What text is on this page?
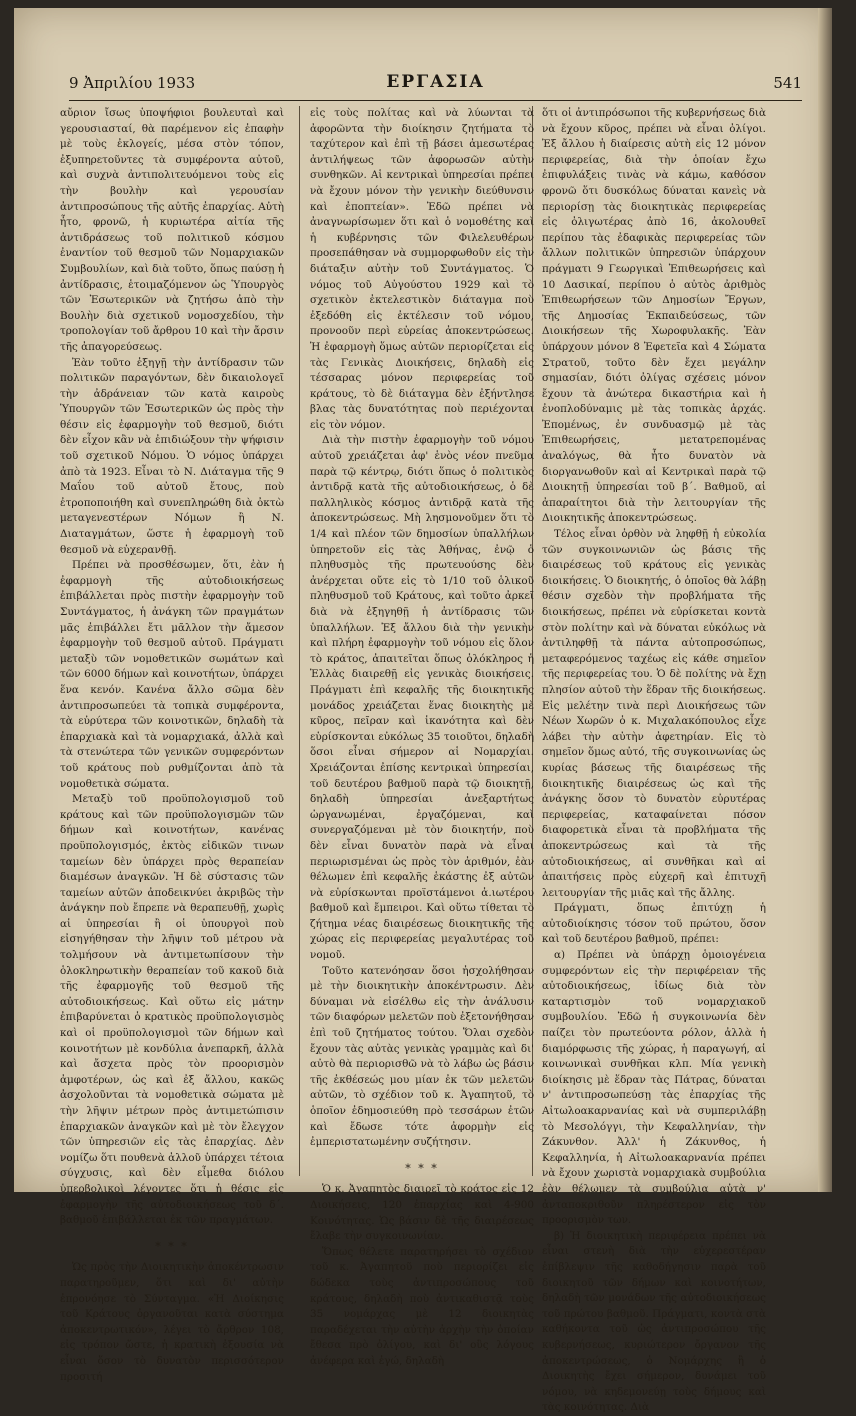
9 Ἀπριλίου 1933	ΕΡΓΑΣΙΑ	541

αὔριον ἴσως ὑποψήφιοι βουλευταὶ καὶ γερουσιασταί, θὰ παρέμενον εἰς ἐπαφὴν μὲ τοὺς ἐκλογείς, μέσα στὸν τόπον, ἐξυπηρετοῦντες τὰ συμφέροντα αὐτοῦ, καὶ συχνὰ ἀντιπολιτευόμενοι τοὺς εἰς τὴν βουλὴν καὶ γερουσίαν ἀντιπροσώπους τῆς αὐτῆς ἐπαρχίας. Αὐτὴ ἦτο, φρονῶ, ἡ κυριωτέρα αἰτία τῆς ἀντιδράσεως τοῦ πολιτικοῦ κόσμου ἐναντίον τοῦ θεσμοῦ τῶν Νομαρχιακῶν Συμβουλίων, καὶ διὰ τοῦτο, ὅπως παύσῃ ἡ ἀντίδρασις, ἑτοιμαζόμενον ὡς Ὑπουργὸς τῶν Ἐσωτερικῶν νὰ ζητήσω ἀπὸ τὴν Βουλὴν διὰ σχετικοῦ νομοσχεδίου, τὴν τροπολογίαν τοῦ ἄρθρου 10 καὶ τὴν ἄρσιν τῆς ἀπαγορεύσεως.

Ἐὰν τοῦτο ἐξηγῇ τὴν ἀντίδρασιν τῶν πολιτικῶν παραγόντων, δὲν δικαιολογεῖ τὴν ἀδράνειαν τῶν κατὰ καιροὺς Ὑπουργῶν τῶν Ἐσωτερικῶν ὡς πρὸς τὴν θέσιν εἰς ἐφαρμογὴν τοῦ θεσμοῦ, διότι δὲν εἶχον κἂν νὰ ἐπιδιώξουν τὴν ψήφισιν τοῦ σχετικοῦ Νόμου. Ὁ νόμος ὑπάρχει ἀπὸ τὰ 1923. Εἶναι τὸ Ν. Διάταγμα τῆς 9 Μαΐου τοῦ αὐτοῦ ἔτους, ποὺ ἐτροποποιήθη καὶ συνεπληρώθη διὰ ὀκτὼ μεταγενεστέρων Νόμων ἢ Ν. Διαταγμάτων, ὥστε ἡ ἐφαρμογὴ τοῦ θεσμοῦ νὰ εὐχερανθῇ.

Πρέπει νὰ προσθέσωμεν, ὅτι, ἐὰν ἡ ἐφαρμογὴ τῆς αὐτοδιοικήσεως ἐπιβάλλεται πρὸς πιστὴν ἐφαρμογὴν τοῦ Συντάγματος, ἡ ἀνάγκη τῶν πραγμάτων μᾶς ἐπιβάλλει ἔτι μᾶλλον τὴν ἄμεσον ἐφαρμογὴν τοῦ θεσμοῦ αὐτοῦ. Πράγματι μεταξὺ τῶν νομοθετικῶν σωμάτων καὶ τῶν 6000 δήμων καὶ κοινοτήτων, ὑπάρχει ἕνα κενόν. Κανένα ἄλλο σῶμα δὲν ἀντιπροσωπεύει τὰ τοπικὰ συμφέροντα, τὰ εὐρύτερα τῶν κοινοτικῶν, δηλαδὴ τὰ ἐπαρχιακὰ καὶ τὰ νομαρχιακά, ἀλλὰ καὶ τὰ στενώτερα τῶν γενικῶν συμφερόντων τοῦ κράτους ποὺ ρυθμίζονται ἀπὸ τὰ νομοθετικὰ σώματα.

Μεταξὺ τοῦ προϋπολογισμοῦ τοῦ κράτους καὶ τῶν προϋπολογισμῶν τῶν δήμων καὶ κοινοτήτων, κανένας προϋπολογισμός, ἐκτὸς εἰδικῶν τινων ταμείων δὲν ὑπάρχει πρὸς θεραπείαν διαμέσων ἀναγκῶν. Ἡ δὲ σύστασις τῶν ταμείων αὐτῶν ἀποδεικνύει ἀκριβῶς τὴν ἀνάγκην ποὺ ἔπρεπε νὰ θεραπευθῇ, χωρὶς αἱ ὑπηρεσίαι ἢ οἱ ὑπουργοὶ ποὺ εἰσηγήθησαν τὴν λῆψιν τοῦ μέτρου νὰ τολμήσουν νὰ ἀντιμετωπίσουν τὴν ὁλοκληρωτικὴν θεραπείαν τοῦ κακοῦ διὰ τῆς ἐφαρμογῆς τοῦ θεσμοῦ τῆς αὐτοδιοικήσεως. Καὶ οὕτω εἰς μάτην ἐπιβαρύνεται ὁ κρατικὸς προϋπολογισμὸς καὶ οἱ προϋπολογισμοὶ τῶν δήμων καὶ κοινοτήτων μὲ κονδύλια ἀνεπαρκῆ, ἀλλὰ καὶ ἄσχετα πρὸς τὸν προορισμὸν ἀμφοτέρων, ὡς καὶ ἐξ ἄλλου, κακῶς ἀσχολοῦνται τὰ νομοθετικὰ σώματα μὲ τὴν λῆψιν μέτρων πρὸς ἀντιμετώπισιν ἐπαρχιακῶν ἀναγκῶν καὶ μὲ τὸν ἔλεγχον τῶν ὑπηρεσιῶν εἰς τὰς ἐπαρχίας. Δὲν νομίζω ὅτι πουθενὰ ἀλλοῦ ὑπάρχει τέτοια σύγχυσις, καὶ δὲν εἶμεθα διόλου ὑπερβολικοὶ λέγοντες ὅτι ἡ θέσις εἰς ἐφαρμογὴν τῆς αὐτοδιοικήσεως τοῦ δ΄. βαθμοῦ ἐπιβάλλεται ἐκ τῶν πραγμάτων.

* * *

Ὡς πρὸς τὴν Διοικητικὴν ἀποκέντρωσιν παρατηροῦμεν, ὅτι καὶ δι' αὐτὴν ἐπρονόησε τὸ Σύνταγμα. «Ἡ Διοίκησις τοῦ Κράτους ὀργανοῦται κατὰ σύστημα ἀποκεντρωτικόν», λέγει τὸ ἄρθρον 108, εἰς τρόπον ὥστε, ἡ κρατικὴ ἐξουσία νὰ εἶναι ὅσον τὸ δυνατὸν περισσότερον προσιτή

εἰς τοὺς πολίτας καὶ νὰ λύωνται τὰ ἀφορῶντα τὴν διοίκησιν ζητήματα τὸ ταχύτερον καὶ ἐπὶ τῇ βάσει ἀμεσωτέρας ἀντιλήψεως τῶν ἀφορωσῶν αὐτὴν συνθηκῶν. Αἱ κεντρικαὶ ὑπηρεσίαι πρέπει νὰ ἔχουν μόνον τὴν γενικὴν διεύθυνσιν καὶ ἐποπτείαν». Ἐδῶ πρέπει νὰ ἀναγνωρίσωμεν ὅτι καὶ ὁ νομοθέτης καὶ ἡ κυβέρνησις τῶν Φιλελευθέρων προσεπάθησαν νὰ συμμορφωθοῦν εἰς τὴν διάταξιν αὐτὴν τοῦ Συντάγματος. Ὁ νόμος τοῦ Αὐγούστου 1929 καὶ τὸ σχετικὸν ἐκτελεστικὸν διάταγμα ποὺ ἐξεδόθη εἰς ἐκτέλεσιν τοῦ νόμου, προνοοῦν περὶ εὐρείας ἀποκεντρώσεως. Ἡ ἐφαρμογὴ ὅμως αὐτῶν περιορίζεται εἰς τὰς Γενικὰς Διοικήσεις, δηλαδὴ εἰς τέσσαρας μόνον περιφερείας τοῦ κράτους, τὸ δὲ διάταγμα δὲν ἐξήντλησε βλας τὰς δυνατότητας ποὺ περιέχονται εἰς τὸν νόμον.

Διὰ τὴν πιστὴν ἐφαρμογὴν τοῦ νόμου αὐτοῦ χρειάζεται ἀφ' ἑνὸς νέον πνεῦμα παρὰ τῷ κέντρῳ, διότι ὅπως ὁ πολιτικὸς ἀντιδρᾷ κατὰ τῆς αὐτοδιοικήσεως, ὁ δὲ παλληλικὸς κόσμος ἀντιδρᾷ κατὰ τῆς ἀποκεντρώσεως. Μὴ λησμονοῦμεν ὅτι τὸ 1/4 καὶ πλέον τῶν δημοσίων ὑπαλλήλων ὑπηρετοῦν εἰς τὰς Ἀθήνας, ἐνῷ ὁ πληθυσμὸς τῆς πρωτευούσης δὲν ἀνέρχεται οὔτε εἰς τὸ 1/10 τοῦ ὁλικοῦ πληθυσμοῦ τοῦ Κράτους, καὶ τοῦτο ἀρκεῖ διὰ νὰ ἐξηγηθῇ ἡ ἀντίδρασις τῶν ὑπαλλήλων. Ἐξ ἄλλου διὰ τὴν γενικὴν καὶ πλήρη ἐφαρμογὴν τοῦ νόμου εἰς ὅλον τὸ κράτος, ἀπαιτεῖται ὅπως ὁλόκληρος ἡ Ἑλλὰς διαιρεθῇ εἰς γενικὰς διοικήσεις. Πράγματι ἐπὶ κεφαλῆς τῆς διοικητικῆς μονάδος χρειάζεται ἕνας διοικητὴς μὲ κῦρος, πεῖραν καὶ ἱκανότητα καὶ δὲν εὑρίσκονται εὐκόλως 35 τοιοῦτοι, δηλαδὴ ὅσοι εἶναι σήμερον αἱ Νομαρχίαι. Χρειάζονται ἐπίσης κεντρικαὶ ὑπηρεσίαι, τοῦ δευτέρου βαθμοῦ παρὰ τῷ διοικητῇ, δηλαδὴ ὑπηρεσίαι ἀνεξαρτήτως ὠργανωμέναι, ἐργαζόμεναι, καὶ συνεργαζόμεναι μὲ τὸν διοικητήν, ποὺ δὲν εἶναι δυνατὸν παρὰ νὰ εἶναι περιωρισμέναι ὡς πρὸς τὸν ἀριθμόν, ἐὰν θέλωμεν ἐπὶ κεφαλῆς ἑκάστης ἐξ αὐτῶν νὰ εὑρίσκωνται προϊστάμενοι ἀ.ιωτέρου βαθμοῦ καὶ ἔμπειροι. Καὶ οὕτω τίθεται τὸ ζήτημα νέας διαιρέσεως διοικητικῆς τῆς χώρας εἰς περιφερείας μεγαλυτέρας τοῦ νομοῦ.

Τοῦτο κατενόησαν ὅσοι ἠσχολήθησαν μὲ τὴν διοικητικὴν ἀποκέντρωσιν. Δὲν δύναμαι νὰ εἰσέλθω εἰς τὴν ἀνάλυσιν τῶν διαφόρων μελετῶν ποὺ ἐξετονήθησαν ἐπὶ τοῦ ζητήματος τούτου. Ὅλαι σχεδὸν ἔχουν τὰς αὐτὰς γενικὰς γραμμὰς καὶ δι' αὐτὸ θὰ περιορισθῶ νὰ τὸ λάβω ὡς βάσιν τῆς ἐκθέσεώς μου μίαν ἐκ τῶν μελετῶν αὐτῶν, τὸ σχέδιον τοῦ κ. Ἀγαπητοῦ, τὸ ὁποῖον ἐδημοσιεύθη πρὸ τεσσάρων ἐτῶν καὶ ἔδωσε τότε ἀφορμὴν εἰς ἐμπεριστατωμένην συζήτησιν.

* * *

Ὁ κ. Ἀγαπητὸς διαιρεῖ τὸ κράτος εἰς 12 Διοικήσεις, 120 ἐπαρχίας καὶ 4-900 Κοινότητας. Ὡς βάσιν δὲ τῆς διαιρέσεως ἔλαβε τὴν συγκοινωνίαν.

Ὅπως θέλετε παρατηρήσει τὸ σχέδιον τοῦ κ. Ἀγαπητοῦ ποὺ περιορίζει εἰς δώδεκα τοὺς ἀντιπροσώπους τοῦ κράτους, δηλαδὴ ποὺ ἀντικαθιστᾷ τοὺς 35 νομάρχας μὲ 12 διοικητὰς παραδέχεται τὴν αὐτὴν ἀρχὴν τὴν ὁποίαν ἔθεσα πρὸ ὀλίγου, καὶ δι' οὓς λόγους ἀνέφερα καὶ ἐγώ, δηλαδὴ

ὅτι οἱ ἀντιπρόσωποι τῆς κυβερνήσεως διὰ νὰ ἔχουν κῦρος, πρέπει νὰ εἶναι ὀλίγοι. Ἐξ ἄλλου ἡ διαίρεσις αὐτὴ εἰς 12 μόνον περιφερείας, διὰ τὴν ὁποίαν ἔχω ἐπιφυλάξεις τινὰς νὰ κάμω, καθόσον φρονῶ ὅτι δυσκόλως δύναται κανεὶς νὰ περιορίσῃ τὰς διοικητικὰς περιφερείας εἰς ὀλιγωτέρας ἀπὸ 16, ἀκολουθεῖ περίπου τὰς ἐδαφικὰς περιφερείας τῶν ἄλλων πολιτικῶν ὑπηρεσιῶν ὑπάρχουν πράγματι 9 Γεωργικαὶ Ἐπιθεωρήσεις καὶ 10 Δασικαί, περίπου ὁ αὐτὸς ἀριθμὸς Ἐπιθεωρήσεων τῶν Δημοσίων Ἔργων, τῆς Δημοσίας Ἐκπαιδεύσεως, τῶν Διοικήσεων τῆς Χωροφυλακῆς. Ἐὰν ὑπάρχουν μόνον 8 Ἐφετεῖα καὶ 4 Σώματα Στρατοῦ, τοῦτο δὲν ἔχει μεγάλην σημασίαν, διότι ὀλίγας σχέσεις μόνον ἔχουν τὰ ἀνώτερα δικαστήρια καὶ ἡ ἐνοπλοδύναμις μὲ τὰς τοπικὰς ἀρχάς. Ἐπομένως, ἐν συνδυασμῷ μὲ τὰς Ἐπιθεωρήσεις, μετατρεπομένας ἀναλόγως, θὰ ἦτο δυνατὸν νὰ διοργανωθοῦν καὶ αἱ Κεντρικαὶ παρὰ τῷ Διοικητῇ ὑπηρεσίαι τοῦ β΄. Βαθμοῦ, αἱ ἀπαραίτητοι διὰ τὴν λειτουργίαν τῆς Διοικητικῆς ἀποκεντρώσεως.

Τέλος εἶναι ὀρθὸν νὰ ληφθῇ ἡ εὐκολία τῶν συγκοινωνιῶν ὡς βάσις τῆς διαιρέσεως τοῦ κράτους εἰς γενικὰς διοικήσεις. Ὁ διοικητής, ὁ ὁποῖος θὰ λάβῃ θέσιν σχεδὸν τὴν προβλήματα τῆς διοικήσεως, πρέπει νὰ εὑρίσκεται κοντὰ στὸν πολίτην καὶ νὰ δύναται εὐκόλως νὰ ἀντιληφθῇ τὰ πάντα αὐτοπροσώπως, μεταφερόμενος ταχέως εἰς κάθε σημεῖον τῆς περιφερείας του. Ὁ δὲ πολίτης νὰ ἔχῃ πλησίον αὐτοῦ τὴν ἕδραν τῆς διοικήσεως. Εἰς μελέτην τινὰ περὶ Διοικήσεως τῶν Νέων Χωρῶν ὁ κ. Μιχαλακόπουλος εἶχε λάβει τὴν αὐτὴν ἀφετηρίαν. Εἰς τὸ σημεῖον ὅμως αὐτό, τῆς συγκοινωνίας ὡς κυρίας βάσεως τῆς διαιρέσεως τῆς διοικητικῆς διαιρέσεως ὡς καὶ τῆς ἀνάγκης ὅσον τὸ δυνατὸν εὐρυτέρας περιφερείας, καταφαίνεται πόσον διαφορετικὰ εἶναι τὰ προβλήματα τῆς ἀποκεντρώσεως καὶ τὰ τῆς αὐτοδιοικήσεως, αἱ συνθῆκαι καὶ αἱ ἀπαιτήσεις πρὸς εὐχερῆ καὶ ἐπιτυχῆ λειτουργίαν τῆς μιᾶς καὶ τῆς ἄλλης.

Πράγματι, ὅπως ἐπιτύχῃ ἡ αὐτοδιοίκησις τόσον τοῦ πρώτου, ὅσον καὶ τοῦ δευτέρου βαθμοῦ, πρέπει:

α) Πρέπει νὰ ὑπάρχῃ ὁμοιογένεια συμφερόντων εἰς τὴν περιφέρειαν τῆς αὐτοδιοικήσεως, ἰδίως διὰ τὸν καταρτισμὸν τοῦ νομαρχιακοῦ συμβουλίου. Ἐδῶ ἡ συγκοινωνία δὲν παίζει τὸν πρωτεύοντα ρόλον, ἀλλὰ ἡ διαμόρφωσις τῆς χώρας, ἡ παραγωγή, αἱ κοινωνικαὶ συνθῆκαι κλπ. Μία γενικὴ διοίκησις μὲ ἕδραν τὰς Πάτρας, δύναται ν' ἀντιπροσωπεύσῃ τὰς ἐπαρχίας τῆς Αἰτωλοακαρνανίας καὶ νὰ συμπεριλάβῃ τὸ Μεσολόγγι, τὴν Κεφαλληνίαν, τὴν Ζάκυνθον. Ἀλλ' ἡ Ζάκυνθος, ἡ Κεφαλληνία, ἡ Αἰτωλοακαρνανία πρέπει νὰ ἔχουν χωριστὰ νομαρχιακὰ συμβούλια ἐὰν θέλωμεν τὰ συμβούλια αὐτὰ ν' ἀνταποκριθοῦν πληρέστερον εἰς τὸν προορισμὸν των.

β) Ἡ διοικητικὴ περιφέρεια πρέπει νὰ εἶναι στενὴ διὰ τὴν εὐχερεστέραν ἐπίβλεψιν τῆς καθοδήγησιν παρὰ τοῦ διοικητοῦ τῶν δήμων καὶ κοινοτήτων, δηλαδὴ τῶν μονάδων τῆς αὐτοδιοικήσεως τοῦ πρώτου βαθμοῦ. Πράγματι, κοντὰ στὰ καθήκοντα τοῦ ὡς ἀντιπροσώπου τῆς κυβερνήσεως, κυριώτερον ὄργανον τῆς ἀποκεντρώσεως, ὁ Νομάρχης ἢ ὁ Διοικητὴς ἔχει σήμερον, δυνάμει τοῦ νόμου, νὰ κηδεμονεύῃ τοὺς δήμους καὶ τὰς κοινότητας. Διὰ
